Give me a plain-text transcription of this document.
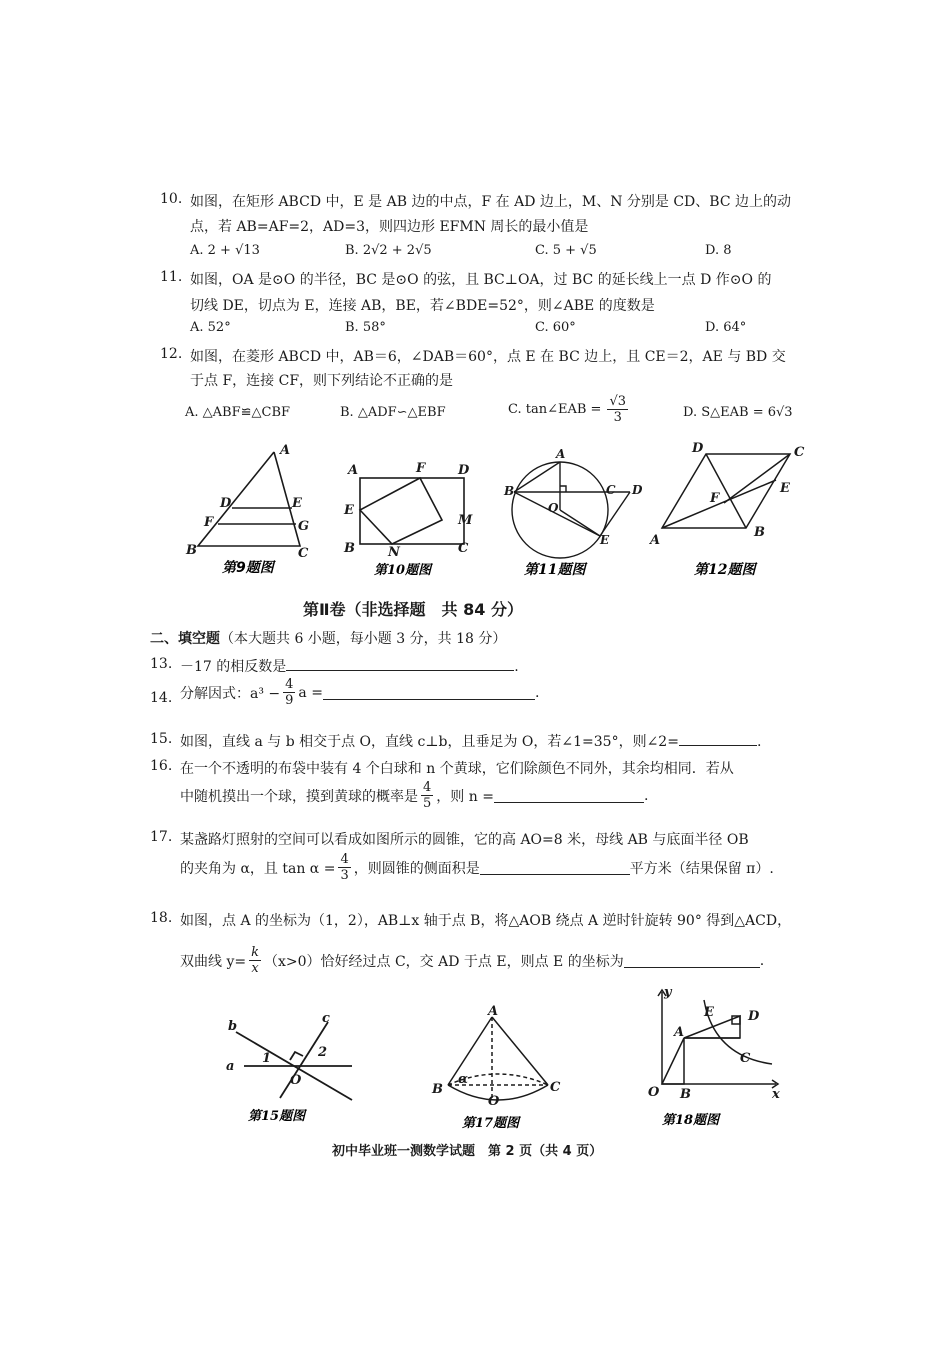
10. 如图，在矩形 ABCD 中，E 是 AB 边的中点，F 在 AD 边上，M、N 分别是 CD、BC 边上的动
点，若 AB=AF=2，AD=3，则四边形 EFMN 周长的最小值是
A. 2 + √13	B. 2√2 + 2√5	C. 5 + √5	D. 8
11. 如图，OA 是⊙O 的半径，BC 是⊙O 的弦，且 BC⊥OA，过 BC 的延长线上一点 D 作⊙O 的
切线 DE，切点为 E，连接 AB，BE，若∠BDE=52°，则∠ABE 的度数是
A. 52°	B. 58°	C. 60°	D. 64°
12. 如图，在菱形 ABCD 中，AB＝6，∠DAB＝60°，点 E 在 BC 边上，且 CE＝2，AE 与 BD 交
于点 F，连接 CF，则下列结论不正确的是
A. △ABF≌△CBF	B. △ADF∽△EBF	C. tan∠EAB = $\frac{√3}{3}$	D. S△EAB = 6√3
A
D	E
F	G
B	C
第9题图
A	F	D
E
M
B	N	C
第10题图
A
B	C D
O
E
第11题图
D	C
E
F
A
B
第12题图
第Ⅱ卷（非选择题　共 84 分）
二、填空题（本大题共 6 小题，每小题 3 分，共 18 分）
13. －17 的相反数是	.
14. 分解因式：$a^3 - \frac{4}{9}$ a =	.
15. 如图，直线 a 与 b 相交于点 O，直线 c⊥b，且垂足为 O，若∠1=35°，则∠2=	.
16. 在一个不透明的布袋中装有 4 个白球和 n 个黄球，它们除颜色不同外，其余均相同．若从
中随机摸出一个球，摸到黄球的概率是 $\frac{4}{5}$ ，则 n =	.
17. 某盏路灯照射的空间可以看成如图所示的圆锥，它的高 AO=8 米，母线 AB 与底面半径 OB
的夹角为 α，且 $\tan \alpha = \frac{4}{3}$ ，则圆锥的侧面积是	平方米（结果保留 π）.
18. 如图，点 A 的坐标为（1，2），AB⊥x 轴于点 B，将△AOB 绕点 A 逆时针旋转 90° 得到△ACD，
双曲线 $y= \frac{k}{x} (x>0)$恰好经过点 C，交 AD 于点 E，则点 E 的坐标为	.
b
c
a
1	2
O
第15题图
A
B
α
O
C
第17题图
y
A
E	D
C
O B	x
第18题图
初中毕业班一测数学试题　第 2 页（共 4 页）
